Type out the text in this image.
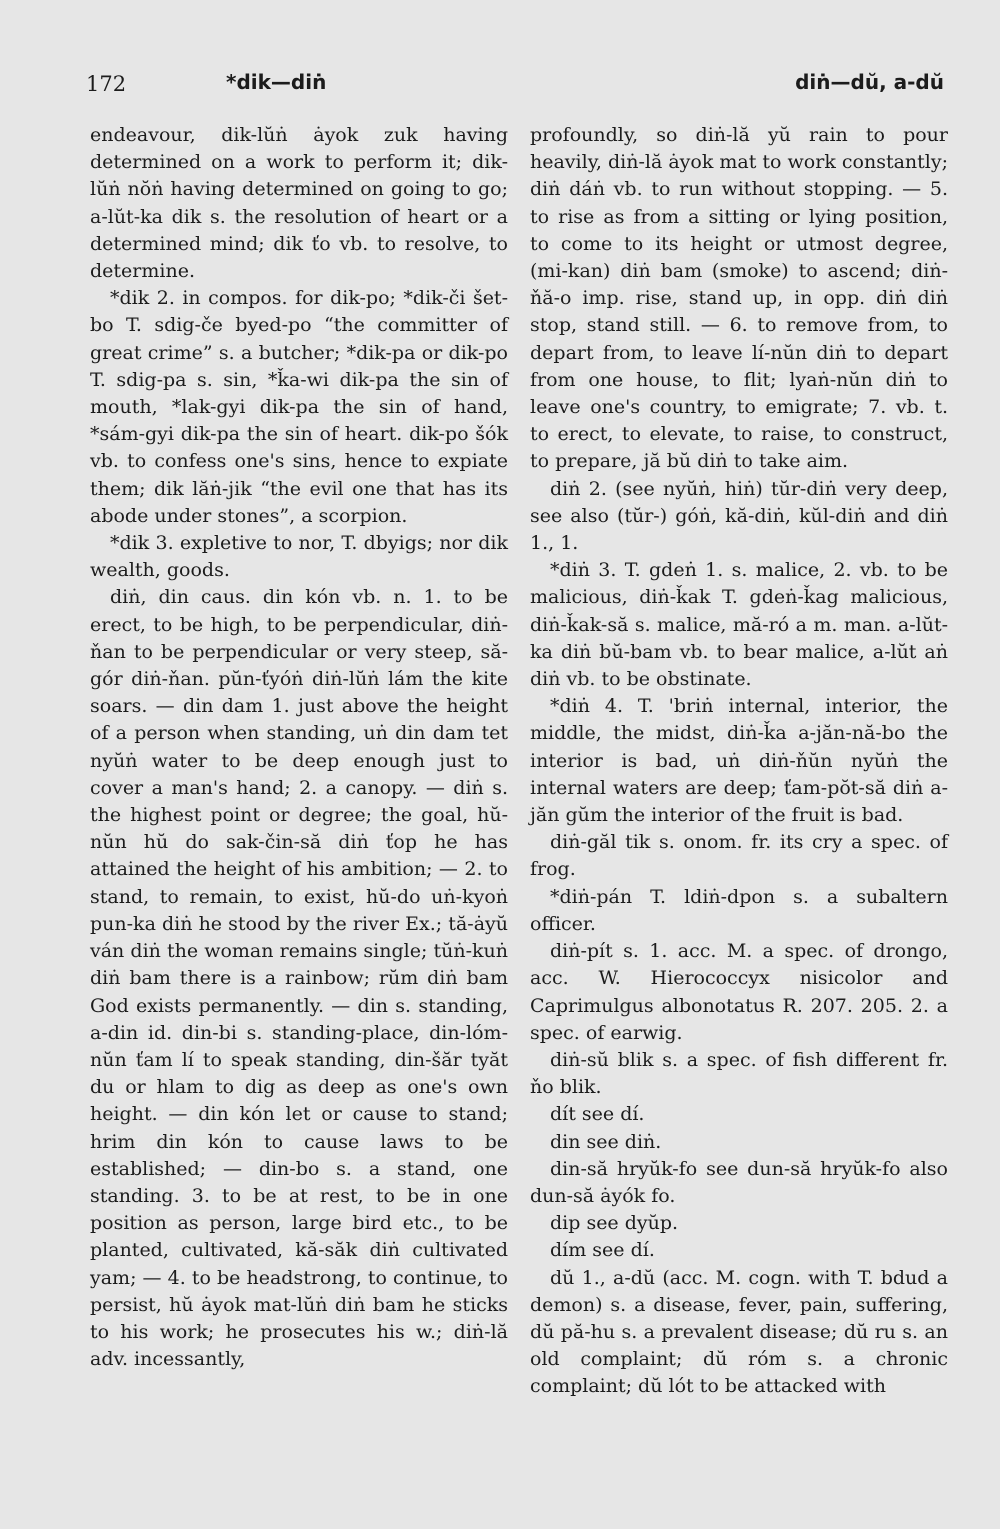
172	*dik—diṅ	diṅ—dŭ, a-dŭ

endeavour, dik-lŭṅ ȧyok zuk having determined on a work to perform it; dik-lŭṅ nŏṅ having determined on going to go; a-lŭt-ka dik s. the resolution of heart or a determined mind; dik ťo vb. to resolve, to determine.

*dik 2. in compos. for dik-po; *dik-či šet-bo T. sdig-če byed-po “the committer of great crime” s. a butcher; *dik-pa or dik-po T. sdig-pa s. sin, *ǩa-wi dik-pa the sin of mouth, *lak-gyi dik-pa the sin of hand, *sám-gyi dik-pa the sin of heart. dik-po šók vb. to confess one's sins, hence to expiate them; dik lăṅ-jik “the evil one that has its abode under stones”, a scorpion.

*dik 3. expletive to nor, T. dbyigs; nor dik wealth, goods.

diṅ, din caus. din kón vb. n. 1. to be erect, to be high, to be perpendicular, diṅ-ňan to be perpendicular or very steep, să-gór diṅ-ňan. pŭn-ťyóṅ diṅ-lŭṅ lám the kite soars. — din dam 1. just above the height of a person when standing, uṅ din dam tet nyŭṅ water to be deep enough just to cover a man's hand; 2. a canopy. — diṅ s. the highest point or degree; the goal, hŭ-nŭn hŭ do sak-čin-să diṅ ťop he has attained the height of his ambition; — 2. to stand, to remain, to exist, hŭ-do uṅ-kyoṅ pun-ka diṅ he stood by the river Ex.; tă-ȧyŭ ván diṅ the woman remains single; tŭṅ-kuṅ diṅ bam there is a rainbow; rŭm diṅ bam God exists permanently. — din s. standing, a-din id. din-bi s. standing-place, din-lóm-nŭn ťam lí to speak standing, din-šăr tyăt du or hlam to dig as deep as one's own height. — din kón let or cause to stand; hrim din kón to cause laws to be established; — din-bo s. a stand, one standing. 3. to be at rest, to be in one position as person, large bird etc., to be planted, cultivated, kă-săk diṅ cultivated yam; — 4. to be headstrong, to continue, to persist, hŭ ȧyok mat-lŭṅ diṅ bam he sticks to his work; he prosecutes his w.; diṅ-lă adv. incessantly,

profoundly, so diṅ-lă yŭ rain to pour heavily, diṅ-lă ȧyok mat to work constantly; diṅ dáṅ vb. to run without stopping. — 5. to rise as from a sitting or lying position, to come to its height or utmost degree, (mi-kan) diṅ bam (smoke) to ascend; diṅ-ňă-o imp. rise, stand up, in opp. diṅ diṅ stop, stand still. — 6. to remove from, to depart from, to leave lí-nŭn diṅ to depart from one house, to flit; lyaṅ-nŭn diṅ to leave one's country, to emigrate; 7. vb. t. to erect, to elevate, to raise, to construct, to prepare, jă bŭ diṅ to take aim.

diṅ 2. (see nyŭṅ, hiṅ) tŭr-diṅ very deep, see also (tŭr-) góṅ, kă-diṅ, kŭl-diṅ and diṅ 1., 1.

*diṅ 3. T. gdeṅ 1. s. malice, 2. vb. to be malicious, diṅ-ǩak T. gdeṅ-ǩag malicious, diṅ-ǩak-să s. malice, mă-ró a m. man. a-lŭt-ka diṅ bŭ-bam vb. to bear malice, a-lŭt aṅ diṅ vb. to be obstinate.

*diṅ 4. T. 'briṅ internal, interior, the middle, the midst, diṅ-ǩa a-jăn-nă-bo the interior is bad, uṅ diṅ-ňŭn nyŭṅ the internal waters are deep; ťam-pŏt-să diṅ a-jăn gŭm the interior of the fruit is bad.

diṅ-găl tik s. onom. fr. its cry a spec. of frog.

*diṅ-pán T. ldiṅ-dpon s. a subaltern officer.

diṅ-pít s. 1. acc. M. a spec. of drongo, acc. W. Hierococcyx nisicolor and Caprimulgus albonotatus R. 207. 205. 2. a spec. of earwig.

diṅ-sŭ blik s. a spec. of fish different fr. ňo blik.

dít see dí.

din see diṅ.

din-să hryŭk-fo see dun-să hryŭk-fo also dun-să ȧyók fo.

dip see dyŭp.

dím see dí.

dŭ 1., a-dŭ (acc. M. cogn. with T. bdud a demon) s. a disease, fever, pain, suffering, dŭ pă-hu s. a prevalent disease; dŭ ru s. an old complaint; dŭ róm s. a chronic complaint; dŭ lót to be attacked with
